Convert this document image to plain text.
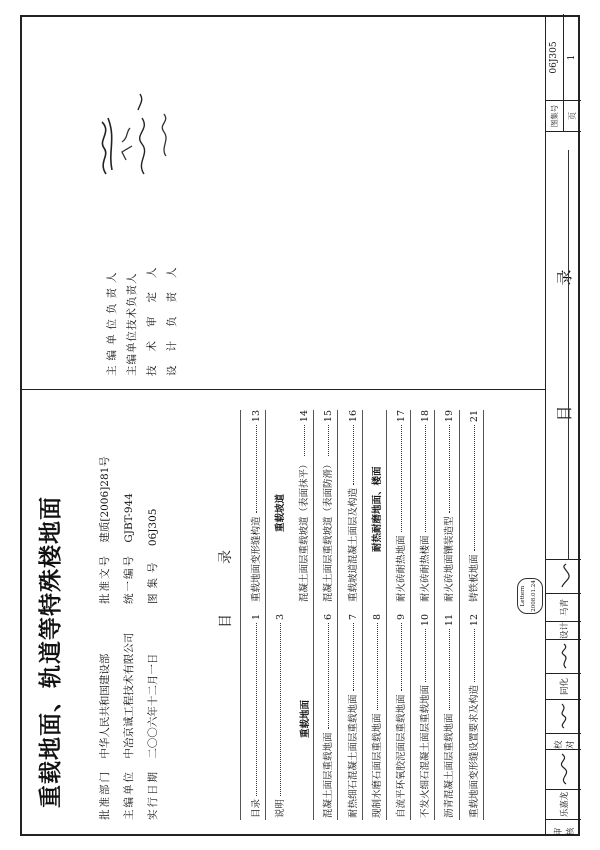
重载地面、轨道等特殊楼地面	批准部门 中华人民共和国建设部
批准文号 建质[2006]281号
主编单位 中冶京诚工程技术有限公司
统一编号 GJBT-944
实行日期 二〇〇六年十二月一日
图集号 06J305
主编单位负责人 主编单位技术负责人 技术审定人 设计负责人
目录
目录
1
说明
3
重载地面
混凝土面层重载地面
6
耐热细石混凝土面层重载地面
7
现制水磨石面层重载地面
8
自流平环氧胶泥面层重载地面
9
不发火细石混凝土面层重载地面
10
沥青混凝土面层重载地面
11
重载地面变形缝设置要求及构造
12
重载地面变形缝构造
13
重载坡道	混凝土面层重载坡道（表面抹平）
14
混凝土面层重载坡道（表面防滑）
15
重载坡道混凝土面层及构造
16
耐热耐磨地面、楼面
耐火砖耐热地面
17
耐火砖耐热楼面
18
耐火砖地面镶装造型
19
铸铁板地面
21
Lettern 2008.01.24
审核
乐嘉龙
校对
同化
设计
马青
目录
图集号
06J305
页
1
